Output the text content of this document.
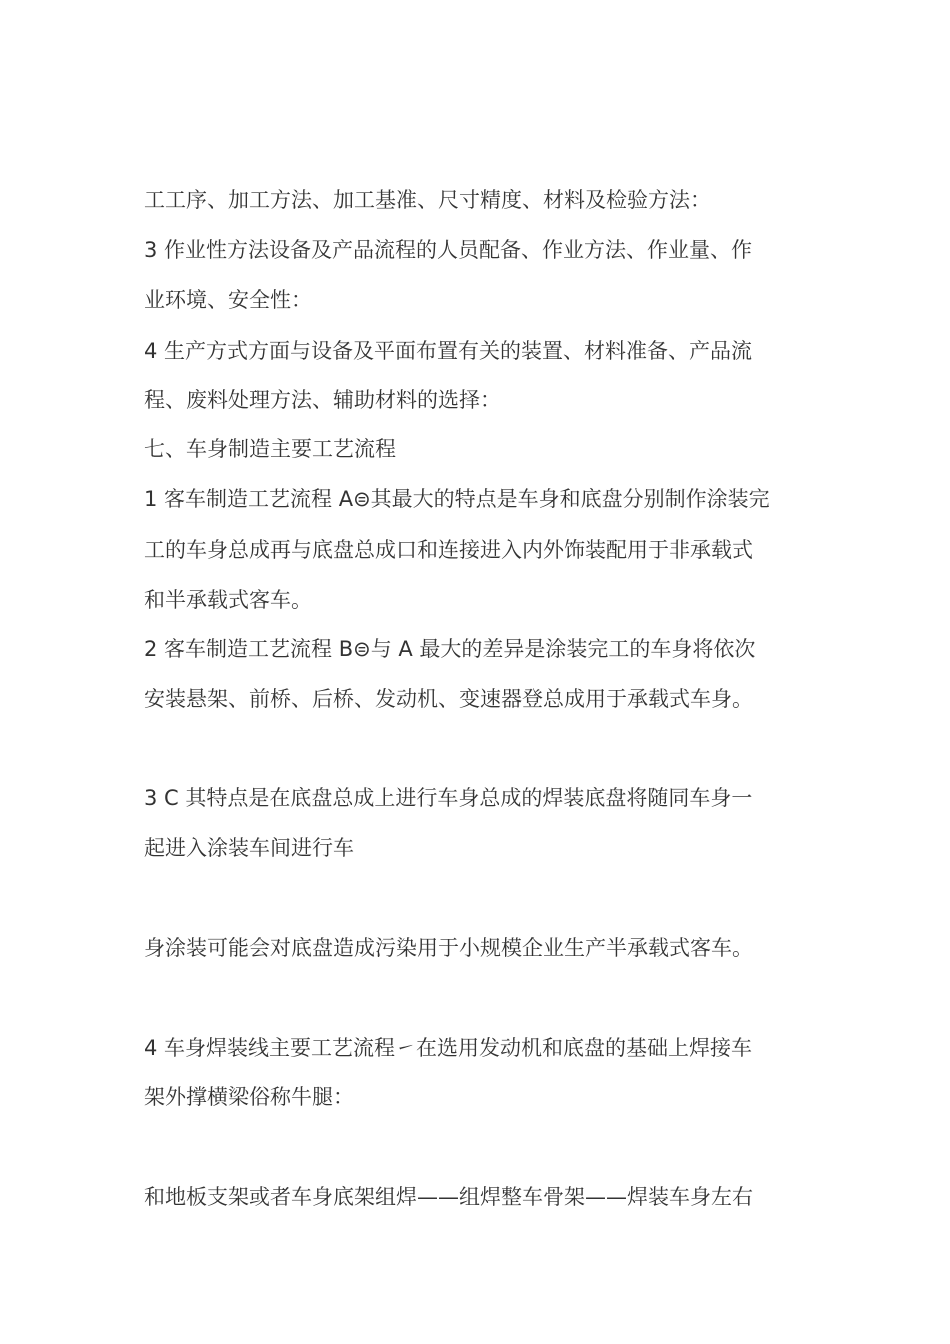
工工序、加工方法、加工基准、尺寸精度、材料及检验方法：
3 作业性方法设备及产品流程的人员配备、作业方法、作业量、作
业环境、安全性：
4 生产方式方面与设备及平面布置有关的装置、材料准备、产品流
程、废料处理方法、辅助材料的选择：
七、车身制造主要工艺流程
1 客车制造工艺流程 A⊜其最大的特点是车身和底盘分别制作涂装完
工的车身总成再与底盘总成口和连接进入内外饰装配用于非承载式
和半承载式客车。
2 客车制造工艺流程 B⊜与 A 最大的差异是涂装完工的车身将依次
安装悬架、前桥、后桥、发动机、变速器登总成用于承载式车身。
3 C 其特点是在底盘总成上进行车身总成的焊装底盘将随同车身一
起进入涂装车间进行车
身涂装可能会对底盘造成污染用于小规模企业生产半承载式客车。
4 车身焊装线主要工艺流程㇀在选用发动机和底盘的基础上焊接车
架外撑横梁俗称牛腿：
和地板支架或者车身底架组焊——组焊整车骨架——焊装车身左右
